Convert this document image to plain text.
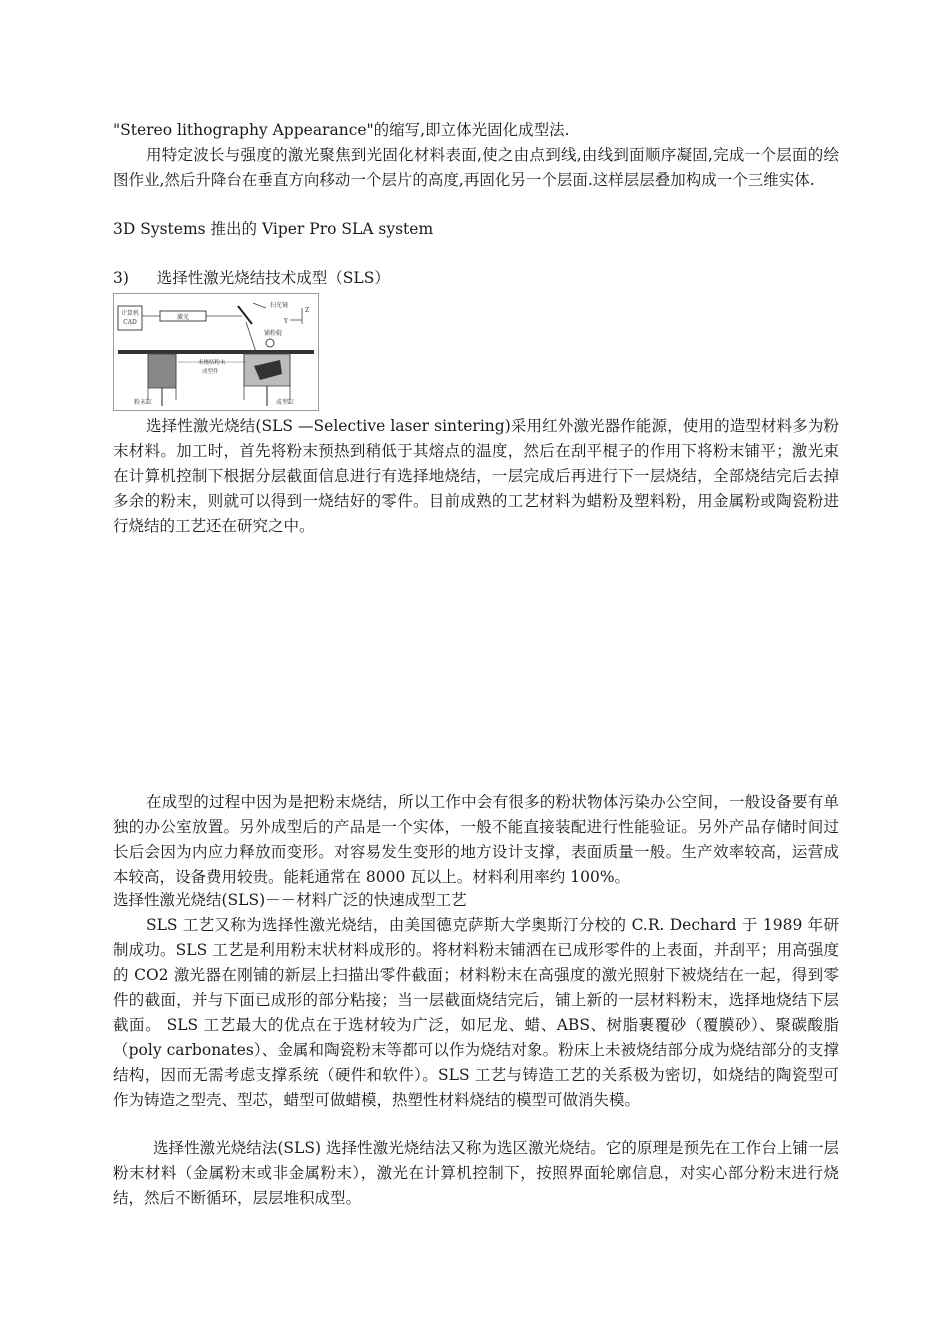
"Stereo lithography Appearance"的缩写,即立体光固化成型法.
用特定波长与强度的激光聚焦到光固化材料表面,使之由点到线,由线到面顺序凝固,完成一个层面的绘图作业,然后升降台在垂直方向移动一个层片的高度,再固化另一个层面.这样层层叠加构成一个三维实体.
3D Systems 推出的 Viper Pro SLA system
3) 选择性激光烧结技术成型（SLS）
计算机
CAD
激光
扫光镜
Z
Y
铺粉辊
未烧结粉末
成型件
粉末缸	成型缸
选择性激光烧结(SLS —Selective laser sintering)采用红外激光器作能源，使用的造型材料多为粉末材料。加工时，首先将粉末预热到稍低于其熔点的温度，然后在刮平棍子的作用下将粉末铺平；激光束在计算机控制下根据分层截面信息进行有选择地烧结，一层完成后再进行下一层烧结，全部烧结完后去掉多余的粉末，则就可以得到一烧结好的零件。目前成熟的工艺材料为蜡粉及塑料粉，用金属粉或陶瓷粉进行烧结的工艺还在研究之中。
在成型的过程中因为是把粉末烧结，所以工作中会有很多的粉状物体污染办公空间，一般设备要有单独的办公室放置。另外成型后的产品是一个实体，一般不能直接装配进行性能验证。另外产品存储时间过长后会因为内应力释放而变形。对容易发生变形的地方设计支撑，表面质量一般。生产效率较高，运营成本较高，设备费用较贵。能耗通常在 8000 瓦以上。材料利用率约 100%。
选择性激光烧结(SLS)－－材料广泛的快速成型工艺
SLS 工艺又称为选择性激光烧结，由美国德克萨斯大学奥斯汀分校的 C.R. Dechard 于 1989 年研制成功。SLS 工艺是利用粉末状材料成形的。将材料粉末铺洒在已成形零件的上表面，并刮平；用高强度的 CO2 激光器在刚铺的新层上扫描出零件截面；材料粉末在高强度的激光照射下被烧结在一起，得到零件的截面，并与下面已成形的部分粘接；当一层截面烧结完后，铺上新的一层材料粉末，选择地烧结下层截面。 SLS 工艺最大的优点在于选材较为广泛，如尼龙、蜡、ABS、树脂裹覆砂（覆膜砂）、聚碳酸脂（poly carbonates）、金属和陶瓷粉末等都可以作为烧结对象。粉床上未被烧结部分成为烧结部分的支撑结构，因而无需考虑支撑系统（硬件和软件）。SLS 工艺与铸造工艺的关系极为密切，如烧结的陶瓷型可作为铸造之型壳、型芯，蜡型可做蜡模，热塑性材料烧结的模型可做消失模。
选择性激光烧结法(SLS) 选择性激光烧结法又称为选区激光烧结。它的原理是预先在工作台上铺一层粉末材料（金属粉末或非金属粉末），激光在计算机控制下，按照界面轮廓信息，对实心部分粉末进行烧结，然后不断循环，层层堆积成型。
